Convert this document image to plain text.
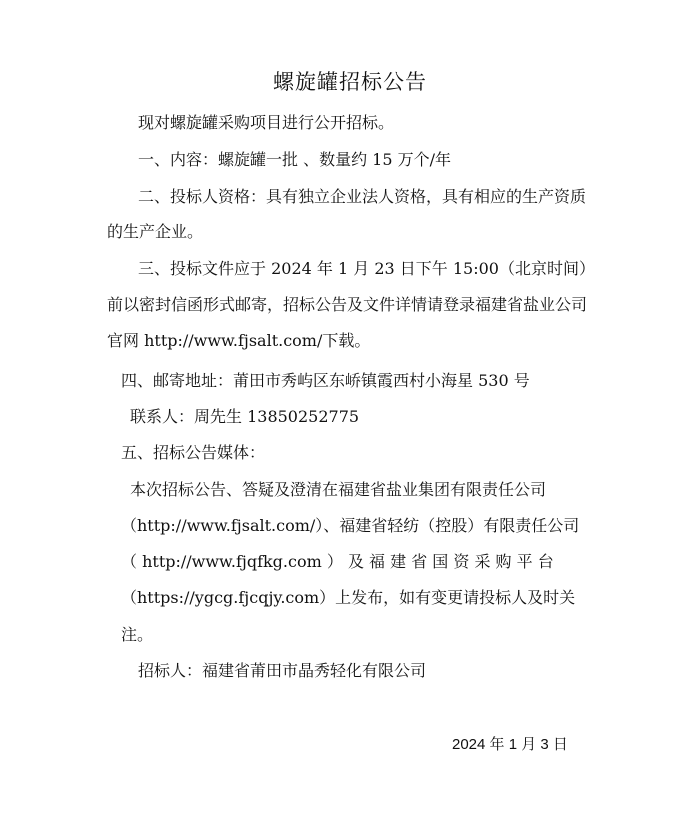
螺旋罐招标公告
现对螺旋罐采购项目进行公开招标。
一、内容：螺旋罐一批 、数量约 15 万个/年
二、投标人资格：具有独立企业法人资格，具有相应的生产资质
的生产企业。
三、投标文件应于 2024 年 1 月 23 日下午 15:00（北京时间）
前以密封信函形式邮寄，招标公告及文件详情请登录福建省盐业公司
官网 http://www.fjsalt.com/下载。
四、邮寄地址：莆田市秀屿区东峤镇霞西村小海星 530 号
联系人：周先生 13850252775
五、招标公告媒体：
本次招标公告、答疑及澄清在福建省盐业集团有限责任公司
（http://www.fjsalt.com/）、福建省轻纺（控股）有限责任公司
（ http://www.fjqfkg.com ） 及 福 建 省 国 资 采 购 平 台
（https://ygcg.fjcqjy.com）上发布，如有变更请投标人及时关
注。
招标人：福建省莆田市晶秀轻化有限公司
2024 年 1 月 3 日
